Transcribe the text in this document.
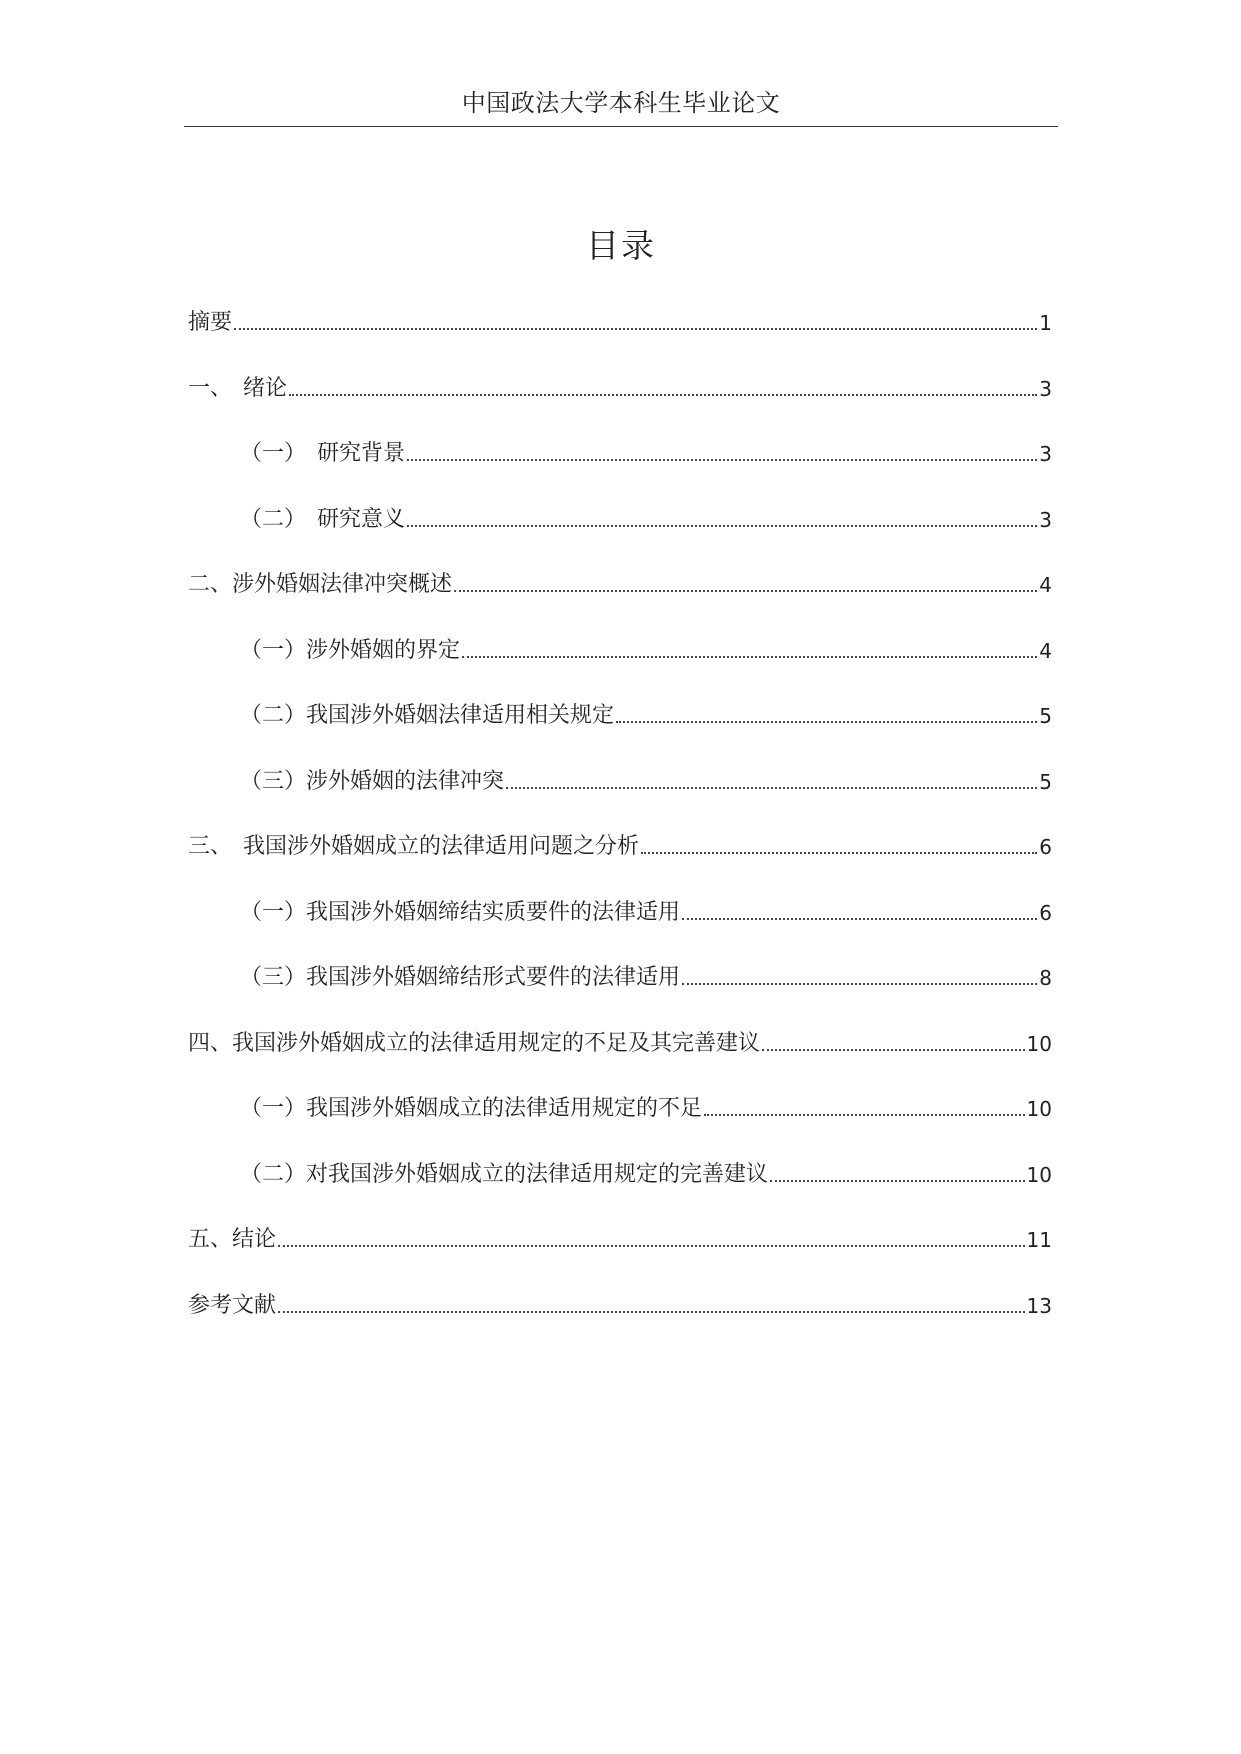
中国政法大学本科生毕业论文
目录
摘要	1
一、　绪论	3
（一）　研究背景	3
（二）　研究意义	3
二、涉外婚姻法律冲突概述	4
（一）涉外婚姻的界定	4
（二）我国涉外婚姻法律适用相关规定	5
（三）涉外婚姻的法律冲突	5
三、　我国涉外婚姻成立的法律适用问题之分析	6
（一）我国涉外婚姻缔结实质要件的法律适用	6
（三）我国涉外婚姻缔结形式要件的法律适用	8
四、我国涉外婚姻成立的法律适用规定的不足及其完善建议	10
（一）我国涉外婚姻成立的法律适用规定的不足	10
（二）对我国涉外婚姻成立的法律适用规定的完善建议	10
五、结论	11
参考文献	13
